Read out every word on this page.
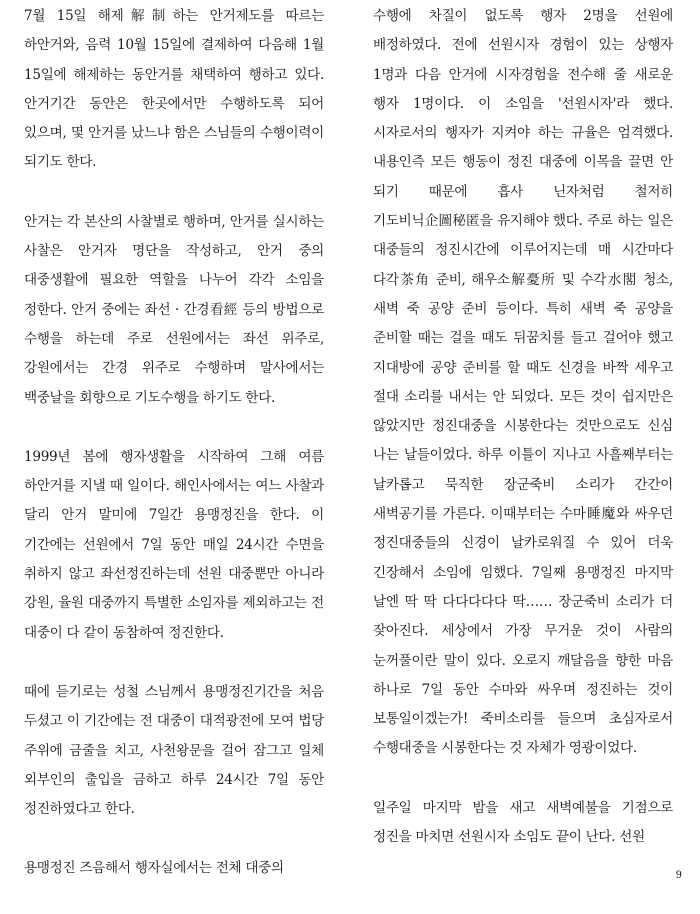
7월 15일 해제解制하는 안거제도를 따르는 하안거와, 음력 10월 15일에 결제하여 다음해 1월 15일에 해제하는 동안거를 채택하여 행하고 있다. 안거기간 동안은 한곳에서만 수행하도록 되어 있으며, 몇 안거를 났느냐 함은 스님들의 수행이력이 되기도 한다.

안거는 각 본산의 사찰별로 행하며, 안거를 실시하는 사찰은 안거자 명단을 작성하고, 안거 중의 대중생활에 필요한 역할을 나누어 각각 소임을 정한다. 안거 중에는 좌선 · 간경看經 등의 방법으로 수행을 하는데 주로 선원에서는 좌선 위주로, 강원에서는 간경 위주로 수행하며 말사에서는 백중날을 회향으로 기도수행을 하기도 한다.

1999년 봄에 행자생활을 시작하여 그해 여름 하안거를 지낼 때 일이다. 해인사에서는 여느 사찰과 달리 안거 말미에 7일간 용맹정진을 한다. 이 기간에는 선원에서 7일 동안 매일 24시간 수면을 취하지 않고 좌선정진하는데 선원 대중뿐만 아니라 강원, 율원 대중까지 특별한 소임자를 제외하고는 전 대중이 다 같이 동참하여 정진한다.

때에 듣기로는 성철 스님께서 용맹정진기간을 처음 두셨고 이 기간에는 전 대중이 대적광전에 모여 법당 주위에 금줄을 치고, 사천왕문을 걸어 잠그고 일체 외부인의 출입을 금하고 하루 24시간 7일 동안 정진하였다고 한다.

용맹정진 즈음해서 행자실에서는 전체 대중의

수행에 차질이 없도록 행자 2명을 선원에 배정하였다. 전에 선원시자 경험이 있는 상행자 1명과 다음 안거에 시자경험을 전수해 줄 새로운 행자 1명이다. 이 소임을 '선원시자'라 했다. 시자로서의 행자가 지켜야 하는 규율은 엄격했다. 내용인즉 모든 행동이 정진 대중에 이목을 끌면 안 되기 때문에 흡사 닌자처럼 철저히 기도비닉企圖秘匿을 유지해야 했다. 주로 하는 일은 대중들의 정진시간에 이루어지는데 매 시간마다 다각茶角 준비, 해우소解憂所 및 수각水閣 청소, 새벽 죽 공양 준비 등이다. 특히 새벽 죽 공양을 준비할 때는 걸을 때도 뒤꿈치를 들고 걸어야 했고 지대방에 공양 준비를 할 때도 신경을 바짝 세우고 절대 소리를 내서는 안 되었다. 모든 것이 쉽지만은 않았지만 정진대중을 시봉한다는 것만으로도 신심 나는 날들이었다. 하루 이틀이 지나고 사흘째부터는 날카롭고 묵직한 장군죽비 소리가 간간이 새벽공기를 가른다. 이때부터는 수마睡魔와 싸우던 정진대중들의 신경이 날카로워질 수 있어 더욱 긴장해서 소임에 임했다. 7일째 용맹정진 마지막 날엔 딱 딱 다다다다다 딱…… 장군죽비 소리가 더 잦아진다. 세상에서 가장 무거운 것이 사람의 눈꺼풀이란 말이 있다. 오로지 깨달음을 향한 마음 하나로 7일 동안 수마와 싸우며 정진하는 것이 보통일이겠는가! 죽비소리를 들으며 초심자로서 수행대중을 시봉한다는 것 자체가 영광이었다.

일주일 마지막 밤을 새고 새벽예불을 기점으로 정진을 마치면 선원시자 소임도 끝이 난다. 선원

9
